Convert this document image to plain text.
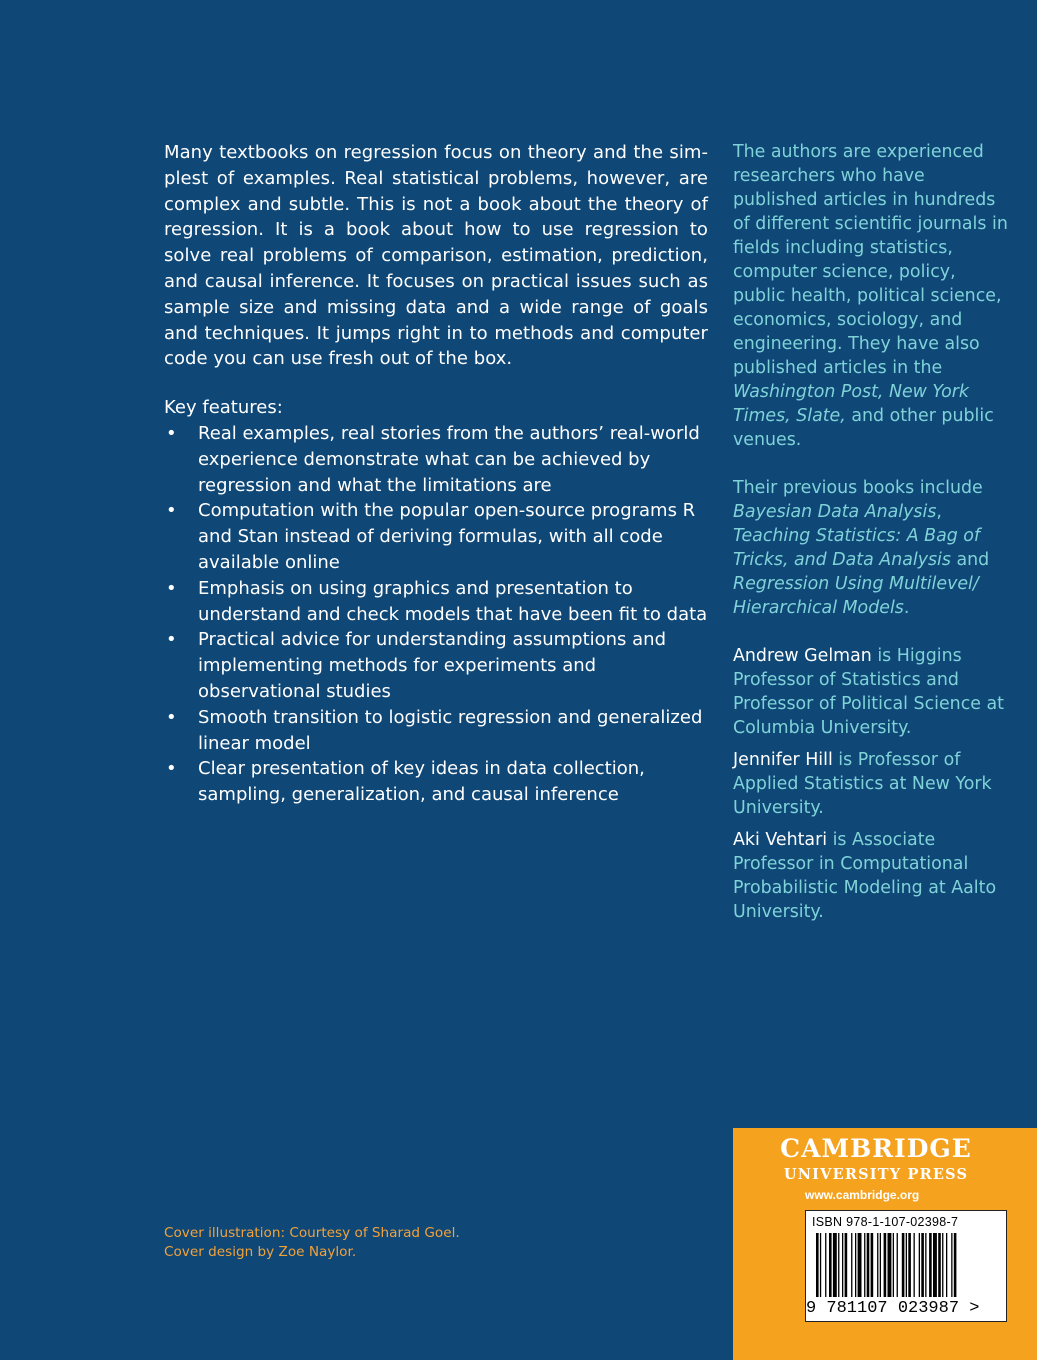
Many textbooks on regression focus on theory and the simplest of examples. Real statistical problems, however, are complex and subtle. This is not a book about the theory of regression. It is a book about how to use regression to solve real problems of comparison, estimation, prediction, and causal inference. It focuses on practical issues such as sample size and missing data and a wide range of goals and techniques. It jumps right in to methods and computer code you can use fresh out of the box.

Key features:

• Real examples, real stories from the authors’ real-world experience demonstrate what can be achieved by regression and what the limitations are
• Computation with the popular open-source programs R and Stan instead of deriving formulas, with all code available online
• Emphasis on using graphics and presentation to understand and check models that have been fit to data
• Practical advice for understanding assumptions and implementing methods for experiments and observational studies
• Smooth transition to logistic regression and generalized linear model
• Clear presentation of key ideas in data collection, sampling, generalization, and causal inference

The authors are experienced researchers who have published articles in hundreds of different scientific journals in fields including statistics, computer science, policy, public health, political science, economics, sociology, and engineering. They have also published articles in the Washington Post, New York Times, Slate, and other public venues.

Their previous books include Bayesian Data Analysis, Teaching Statistics: A Bag of Tricks, and Data Analysis and Regression Using Multilevel/ Hierarchical Models.

Andrew Gelman is Higgins Professor of Statistics and Professor of Political Science at Columbia University.

Jennifer Hill is Professor of Applied Statistics at New York University.

Aki Vehtari is Associate Professor in Computational Probabilistic Modeling at Aalto University.

Cover illustration: Courtesy of Sharad Goel.

Cover design by Zoe Naylor.

CAMBRIDGE
UNIVERSITY PRESS
www.cambridge.org
ISBN 978-1-107-02398-7
9 781107 023987 >
